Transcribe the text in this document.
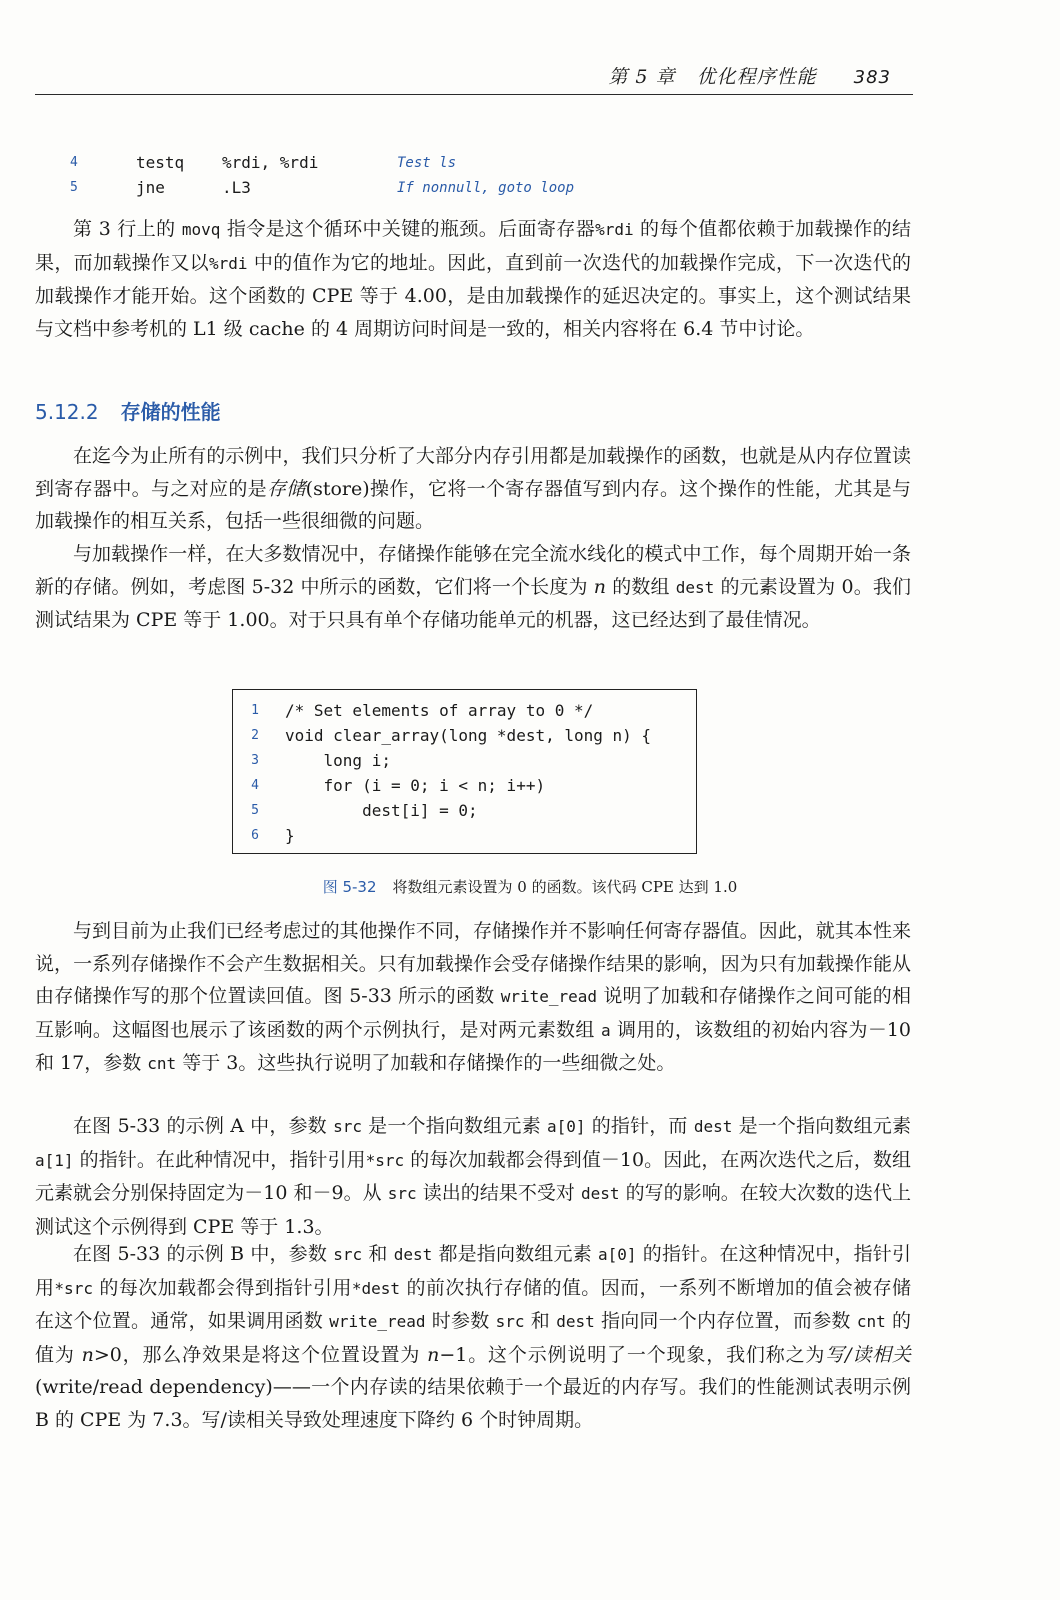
第 5 章 优化程序性能 383
4	testq	%rdi, %rdi	Test ls
5	jne	.L3	If nonnull, goto loop

第 3 行上的 movq 指令是这个循环中关键的瓶颈。后面寄存器%rdi 的每个值都依赖于加载操作的结果，而加载操作又以%rdi 中的值作为它的地址。因此，直到前一次迭代的加载操作完成，下一次迭代的加载操作才能开始。这个函数的 CPE 等于 4.00，是由加载操作的延迟决定的。事实上，这个测试结果与文档中参考机的 L1 级 cache 的 4 周期访问时间是一致的，相关内容将在 6.4 节中讨论。

5.12.2 存储的性能

在迄今为止所有的示例中，我们只分析了大部分内存引用都是加载操作的函数，也就是从内存位置读到寄存器中。与之对应的是存储(store)操作，它将一个寄存器值写到内存。这个操作的性能，尤其是与加载操作的相互关系，包括一些很细微的问题。

与加载操作一样，在大多数情况中，存储操作能够在完全流水线化的模式中工作，每个周期开始一条新的存储。例如，考虑图 5-32 中所示的函数，它们将一个长度为 n 的数组 dest 的元素设置为 0。我们测试结果为 CPE 等于 1.00。对于只具有单个存储功能单元的机器，这已经达到了最佳情况。

1	/* Set elements of array to 0 */
2	void clear_array(long *dest, long n) {
3	long i;
4	for (i = 0; i < n; i++)
5	dest[i] = 0;
6	}
图 5-32 将数组元素设置为 0 的函数。该代码 CPE 达到 1.0

与到目前为止我们已经考虑过的其他操作不同，存储操作并不影响任何寄存器值。因此，就其本性来说，一系列存储操作不会产生数据相关。只有加载操作会受存储操作结果的影响，因为只有加载操作能从由存储操作写的那个位置读回值。图 5-33 所示的函数 write_read 说明了加载和存储操作之间可能的相互影响。这幅图也展示了该函数的两个示例执行，是对两元素数组 a 调用的，该数组的初始内容为－10 和 17，参数 cnt 等于 3。这些执行说明了加载和存储操作的一些细微之处。

在图 5-33 的示例 A 中，参数 src 是一个指向数组元素 a[0] 的指针，而 dest 是一个指向数组元素 a[1] 的指针。在此种情况中，指针引用*src 的每次加载都会得到值－10。因此，在两次迭代之后，数组元素就会分别保持固定为－10 和－9。从 src 读出的结果不受对 dest 的写的影响。在较大次数的迭代上测试这个示例得到 CPE 等于 1.3。

在图 5-33 的示例 B 中，参数 src 和 dest 都是指向数组元素 a[0] 的指针。在这种情况中，指针引用*src 的每次加载都会得到指针引用*dest 的前次执行存储的值。因而，一系列不断增加的值会被存储在这个位置。通常，如果调用函数 write_read 时参数 src 和 dest 指向同一个内存位置，而参数 cnt 的值为 n>0，那么净效果是将这个位置设置为 n−1。这个示例说明了一个现象，我们称之为写/读相关(write/read dependency)——一个内存读的结果依赖于一个最近的内存写。我们的性能测试表明示例 B 的 CPE 为 7.3。写/读相关导致处理速度下降约 6 个时钟周期。
